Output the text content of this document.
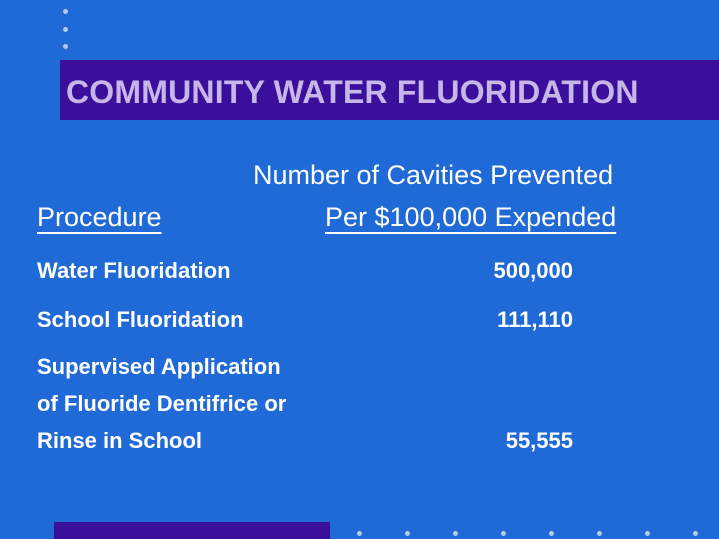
COMMUNITY WATER FLUORIDATION
Number of Cavities Prevented
Procedure	Per $100,000 Expended
Water Fluoridation	500,000
School Fluoridation	111,110
Supervised Application
of Fluoride Dentifrice or
Rinse in School	55,555
